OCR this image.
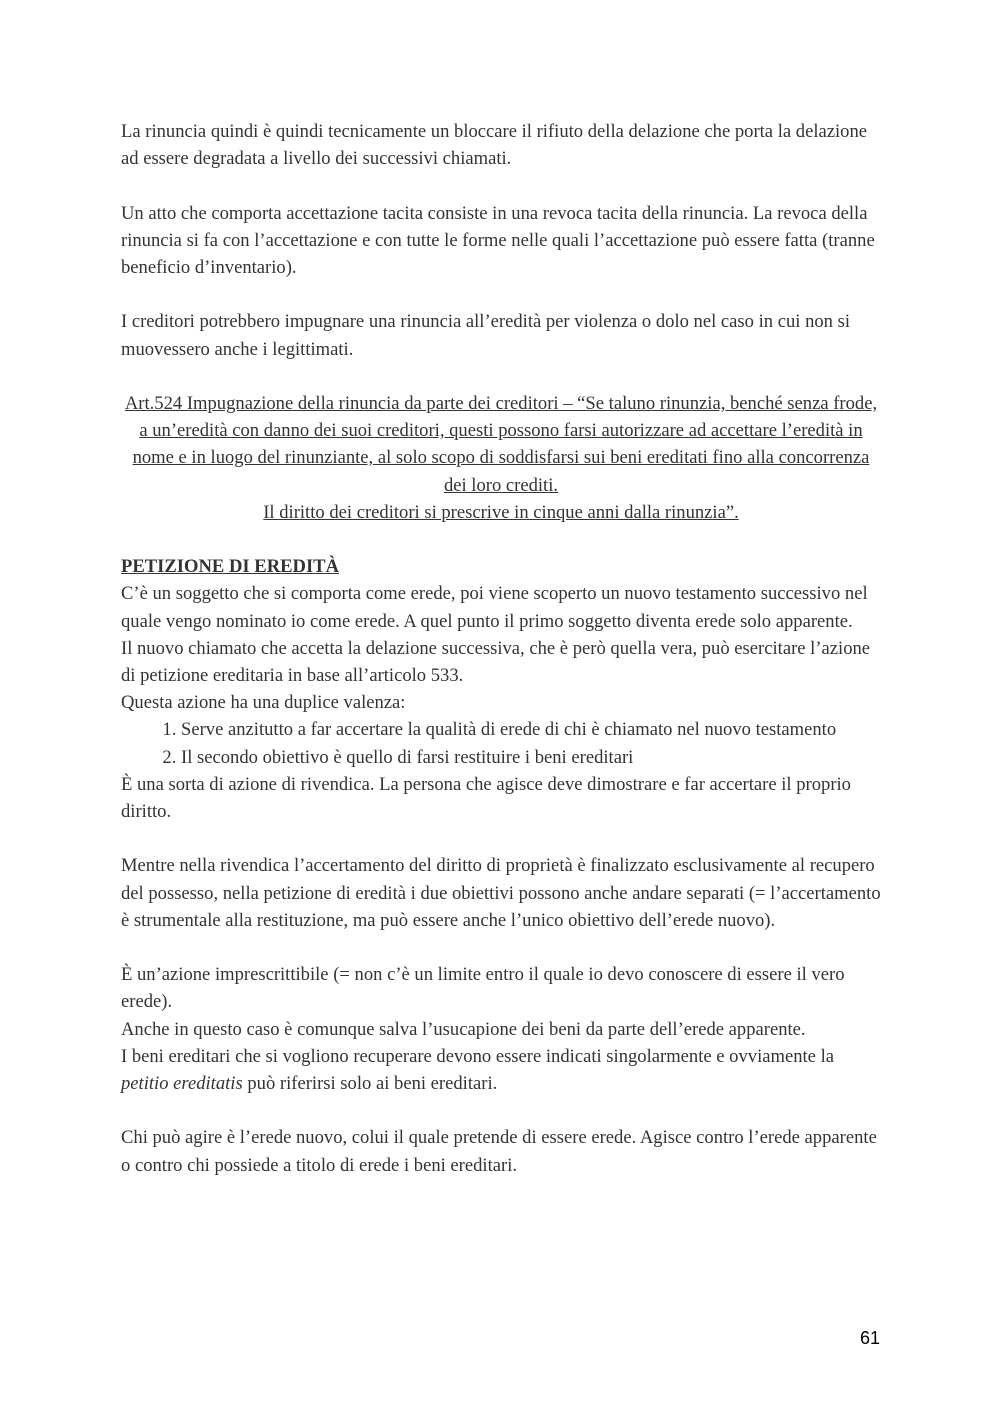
La rinuncia quindi è quindi tecnicamente un bloccare il rifiuto della delazione che porta la delazione ad essere degradata a livello dei successivi chiamati.

Un atto che comporta accettazione tacita consiste in una revoca tacita della rinuncia. La revoca della rinuncia si fa con l’accettazione e con tutte le forme nelle quali l’accettazione può essere fatta (tranne beneficio d’inventario).

I creditori potrebbero impugnare una rinuncia all’eredità per violenza o dolo nel caso in cui non si muovessero anche i legittimati.

Art.524 Impugnazione della rinuncia da parte dei creditori – “Se taluno rinunzia, benché senza frode, a un’eredità con danno dei suoi creditori, questi possono farsi autorizzare ad accettare l’eredità in nome e in luogo del rinunziante, al solo scopo di soddisfarsi sui beni ereditati fino alla concorrenza dei loro crediti.

Il diritto dei creditori si prescrive in cinque anni dalla rinunzia”.

PETIZIONE DI EREDITÀ

C’è un soggetto che si comporta come erede, poi viene scoperto un nuovo testamento successivo nel quale vengo nominato io come erede. A quel punto il primo soggetto diventa erede solo apparente.

Il nuovo chiamato che accetta la delazione successiva, che è però quella vera, può esercitare l’azione di petizione ereditaria in base all’articolo 533.

Questa azione ha una duplice valenza:

1. Serve anzitutto a far accertare la qualità di erede di chi è chiamato nel nuovo testamento
2. Il secondo obiettivo è quello di farsi restituire i beni ereditari

È una sorta di azione di rivendica. La persona che agisce deve dimostrare e far accertare il proprio diritto.

Mentre nella rivendica l’accertamento del diritto di proprietà è finalizzato esclusivamente al recupero del possesso, nella petizione di eredità i due obiettivi possono anche andare separati (= l’accertamento è strumentale alla restituzione, ma può essere anche l’unico obiettivo dell’erede nuovo).

È un’azione imprescrittibile (= non c’è un limite entro il quale io devo conoscere di essere il vero erede).

Anche in questo caso è comunque salva l’usucapione dei beni da parte dell’erede apparente.

I beni ereditari che si vogliono recuperare devono essere indicati singolarmente e ovviamente la petitio ereditatis può riferirsi solo ai beni ereditari.

Chi può agire è l’erede nuovo, colui il quale pretende di essere erede. Agisce contro l’erede apparente o contro chi possiede a titolo di erede i beni ereditari.

61
